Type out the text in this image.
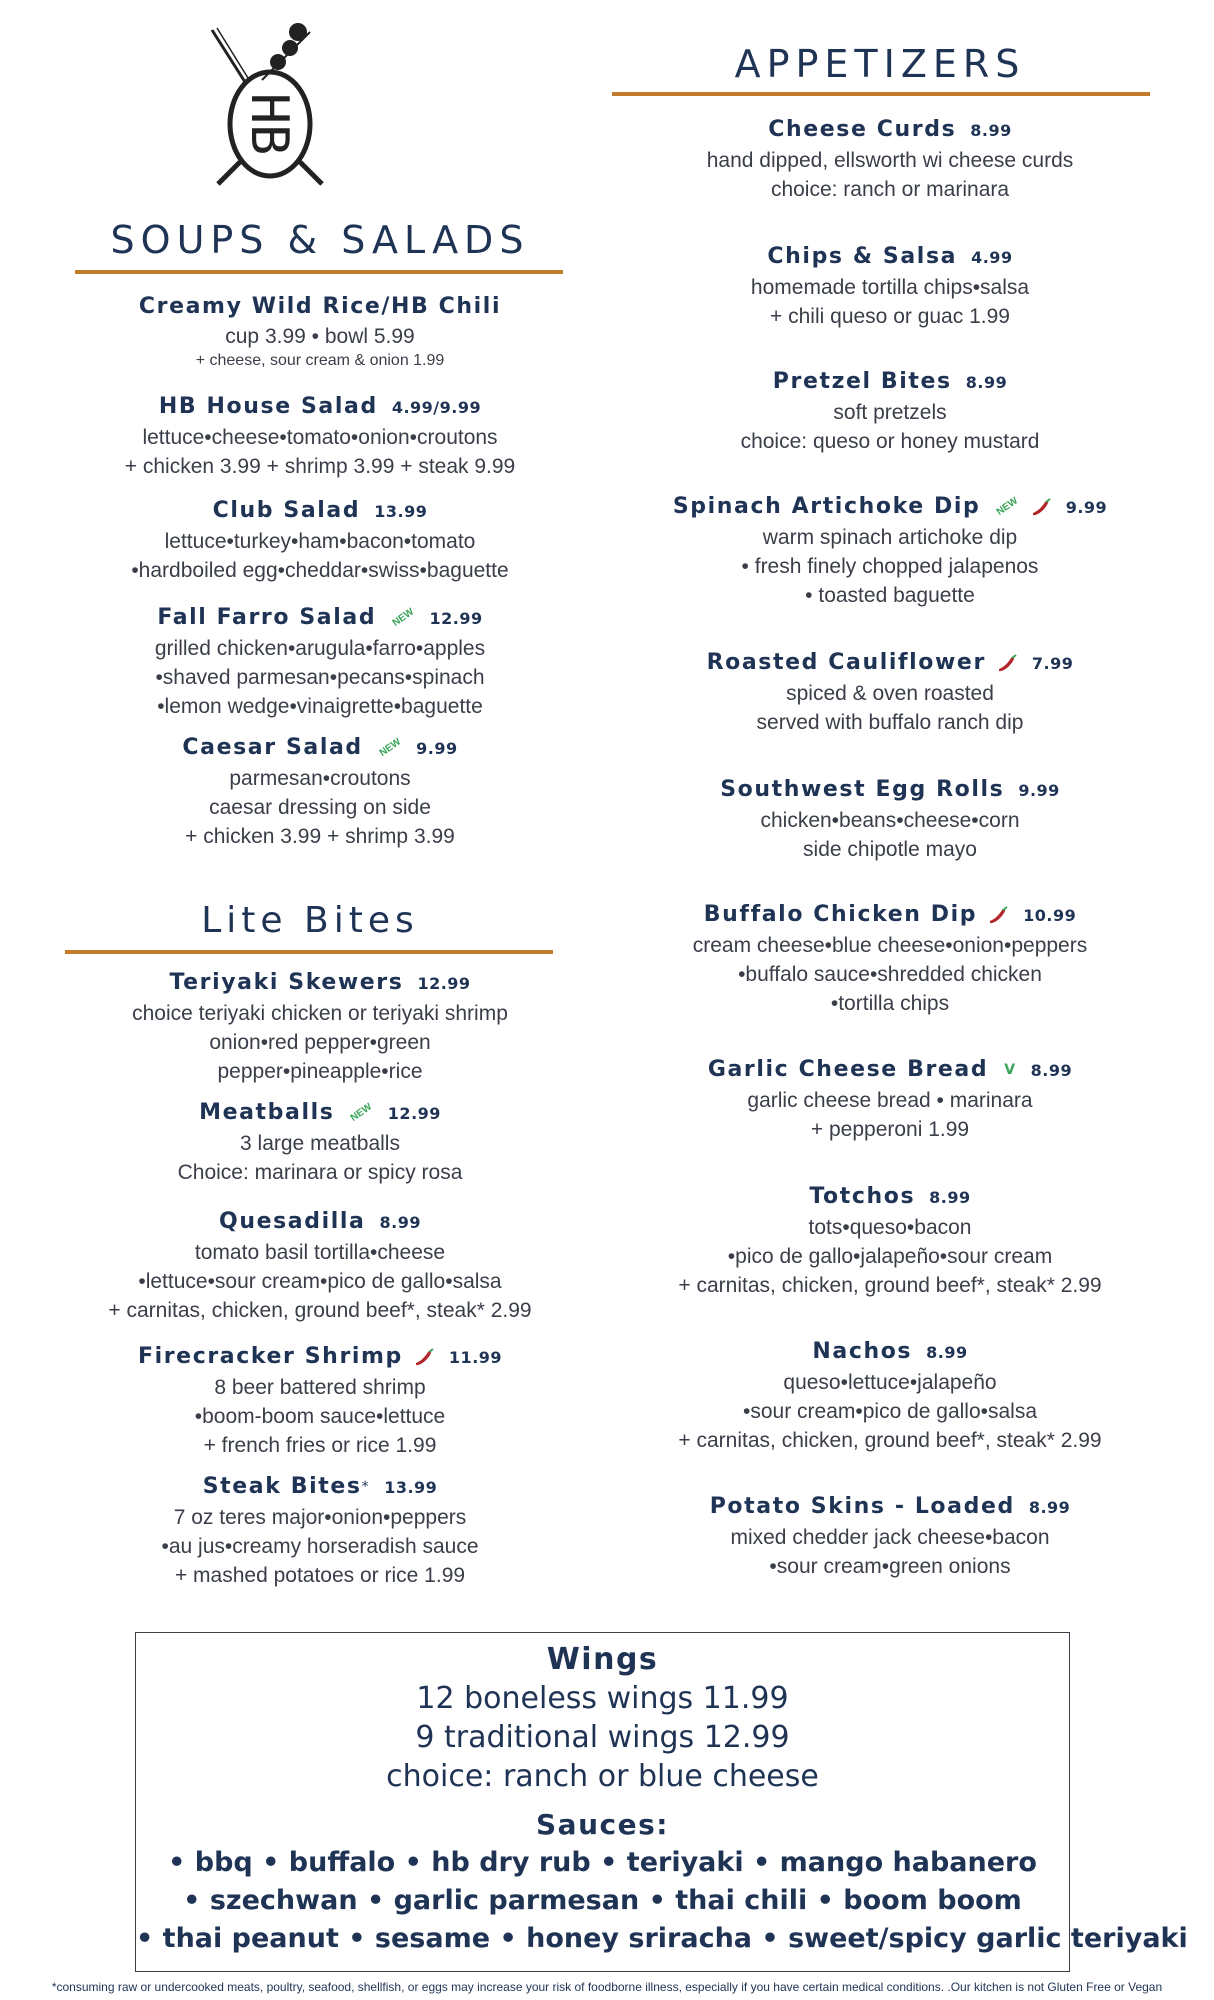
HB
SOUPS & SALADS
Creamy Wild Rice/HB Chili
cup 3.99 • bowl 5.99
+ cheese, sour cream & onion 1.99
HB House Salad 4.99/9.99
lettuce•cheese•tomato•onion•croutons
+ chicken 3.99 + shrimp 3.99 + steak 9.99
Club Salad 13.99
lettuce•turkey•ham•bacon•tomato
•hardboiled egg•cheddar•swiss•baguette
Fall Farro Salad NEW 12.99
grilled chicken•arugula•farro•apples
•shaved parmesan•pecans•spinach
•lemon wedge•vinaigrette•baguette
Caesar Salad NEW 9.99
parmesan•croutons
caesar dressing on side
+ chicken 3.99 + shrimp 3.99
Lite Bites
Teriyaki Skewers 12.99
choice teriyaki chicken or teriyaki shrimp
onion•red pepper•green
pepper•pineapple•rice
Meatballs NEW 12.99
3 large meatballs
Choice: marinara or spicy rosa
Quesadilla 8.99
tomato basil tortilla•cheese
•lettuce•sour cream•pico de gallo•salsa
+ carnitas, chicken, ground beef*, steak* 2.99
Firecracker Shrimp	11.99
8 beer battered shrimp
•boom-boom sauce•lettuce
+ french fries or rice 1.99
Steak Bites* 13.99
7 oz teres major•onion•peppers
•au jus•creamy horseradish sauce
+ mashed potatoes or rice 1.99
APPETIZERS
Cheese Curds 8.99
hand dipped, ellsworth wi cheese curds
choice: ranch or marinara
Chips & Salsa 4.99
homemade tortilla chips•salsa
+ chili queso or guac 1.99
Pretzel Bites 8.99
soft pretzels
choice: queso or honey mustard
Spinach Artichoke Dip NEW	9.99
warm spinach artichoke dip
• fresh finely chopped jalapenos
• toasted baguette
Roasted Cauliflower	7.99
spiced & oven roasted
served with buffalo ranch dip
Southwest Egg Rolls 9.99
chicken•beans•cheese•corn
side chipotle mayo
Buffalo Chicken Dip	10.99
cream cheese•blue cheese•onion•peppers
•buffalo sauce•shredded chicken
•tortilla chips
Garlic Cheese Bread V 8.99
garlic cheese bread • marinara
+ pepperoni 1.99
Totchos 8.99
tots•queso•bacon
•pico de gallo•jalapeño•sour cream
+ carnitas, chicken, ground beef*, steak* 2.99
Nachos 8.99
queso•lettuce•jalapeño
•sour cream•pico de gallo•salsa
+ carnitas, chicken, ground beef*, steak* 2.99
Potato Skins - Loaded 8.99
mixed chedder jack cheese•bacon
•sour cream•green onions
Wings
12 boneless wings 11.99
9 traditional wings 12.99
choice: ranch or blue cheese
Sauces:
• bbq • buffalo • hb dry rub • teriyaki • mango habanero
• szechwan • garlic parmesan • thai chili • boom boom
• thai peanut • sesame • honey sriracha • sweet/spicy garlic teriyaki
*consuming raw or undercooked meats, poultry, seafood, shellfish, or eggs may increase your risk of foodborne illness, especially if you have certain medical conditions. .Our kitchen is not Gluten Free or Vegan
